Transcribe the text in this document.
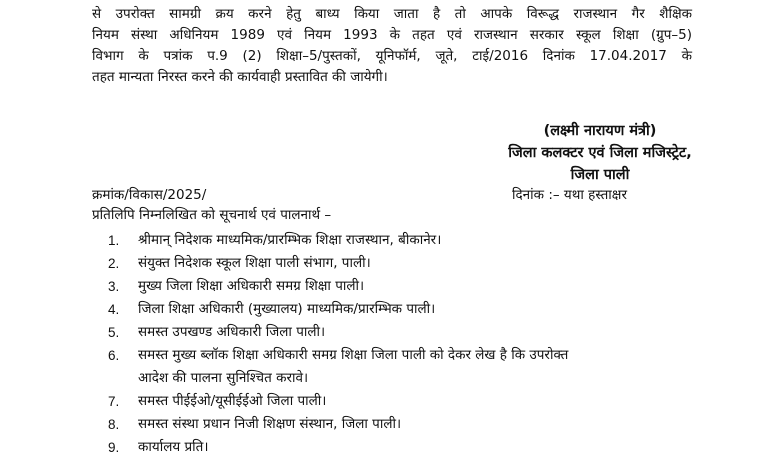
से उपरोक्त सामग्री क्रय करने हेतु बाध्य किया जाता है तो आपके विरूद्ध राजस्थान गैर शैक्षिक
नियम संस्था अधिनियम 1989 एवं नियम 1993 के तहत एवं राजस्थान सरकार स्कूल शिक्षा (ग्रुप–5)
विभाग के पत्रांक प.9 (2) शिक्षा–5/पुस्तकों, यूनिफॉर्म, जूते, टाई/2016 दिनांक 17.04.2017 के
तहत मान्यता निरस्त करने की कार्यवाही प्रस्तावित की जायेगी।
(लक्ष्मी नारायण मंत्री)
जिला कलक्टर एवं जिला मजिस्ट्रेट,
जिला पाली
क्रमांक/विकास/2025/	दिनांक :– यथा हस्ताक्षर
प्रतिलिपि निम्नलिखित को सूचनार्थ एवं पालनार्थ –
1. श्रीमान् निदेशक माध्यमिक/प्रारम्भिक शिक्षा राजस्थान, बीकानेर।
2. संयुक्त निदेशक स्कूल शिक्षा पाली संभाग, पाली।
3. मुख्य जिला शिक्षा अधिकारी समग्र शिक्षा पाली।
4. जिला शिक्षा अधिकारी (मुख्यालय) माध्यमिक/प्रारम्भिक पाली।
5. समस्त उपखण्ड अधिकारी जिला पाली।
6. समस्त मुख्य ब्लॉक शिक्षा अधिकारी समग्र शिक्षा जिला पाली को देकर लेख है कि उपरोक्त
आदेश की पालना सुनिश्चित करावे।
7. समस्त पीईईओ/यूसीईईओ जिला पाली।
8. समस्त संस्था प्रधान निजी शिक्षण संस्थान, जिला पाली।
9. कार्यालय प्रति।
